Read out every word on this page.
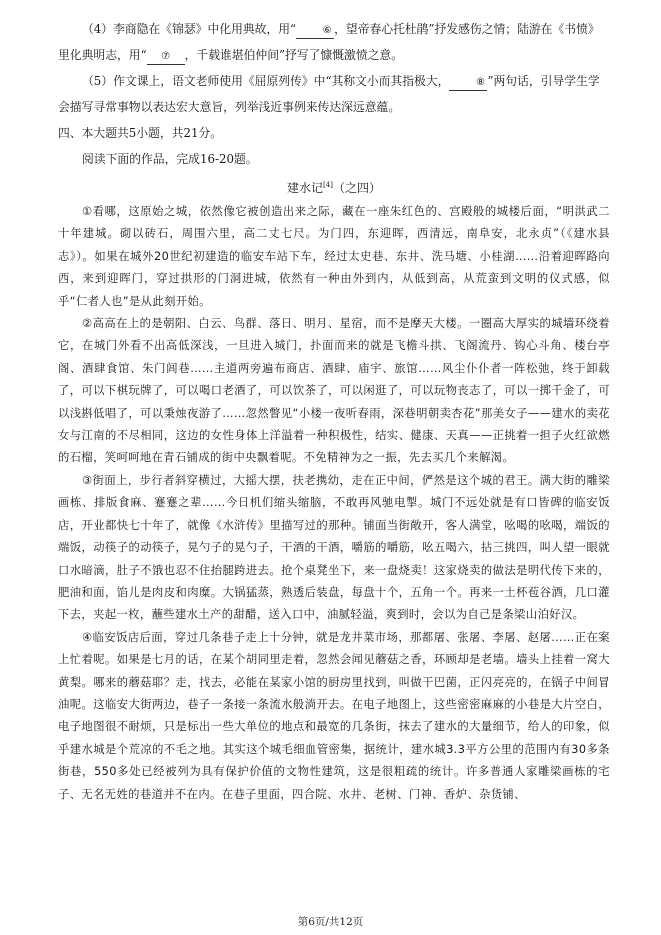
（4）李商隐在《锦瑟》中化用典故，用“	⑥ ，望帝春心托杜鹃”抒发感伤之情；陆游在《书愤》

里化典明志，用“ ⑦ ，千载谁堪伯仲间”抒写了慷慨激愤之意。

（5）作文课上，语文老师使用《屈原列传》中“其称文小而其指极大，	⑧ ”两句话，引导学生学

会描写寻常事物以表达宏大意旨，列举浅近事例来传达深远意蕴。

四、本大题共5小题，共21分。

阅读下面的作品，完成16-20题。

建水记[4]（之四）

①看哪，这原始之城，依然像它被创造出来之际，藏在一座朱红色的、宫殿般的城楼后面，“明洪武二十年建城。砌以砖石，周围六里，高二丈七尺。为门四，东迎晖，西清远，南阜安，北永贞”（《建水县志》）。如果在城外20世纪初建造的临安车站下车，经过太史巷、东井、洗马塘、小桂湖……沿着迎晖路向西，来到迎晖门，穿过拱形的门洞进城，依然有一种由外到内，从低到高，从荒蛮到文明的仪式感，似乎“仁者人也”是从此刻开始。

②高高在上的是朝阳、白云、鸟群、落日、明月、星宿，而不是摩天大楼。一圈高大厚实的城墙环绕着它，在城门外看不出高低深浅，一旦进入城门，扑面而来的就是飞檐斗拱、飞阁流丹、钩心斗角、楼台亭阁、酒肆食馆、朱门闾巷……主道两旁遍布商店、酒肆、庙宇、旅馆……风尘仆仆者一阵松弛，终于卸载了，可以下棋玩牌了，可以喝口老酒了，可以饮茶了，可以闲逛了，可以玩物丧志了，可以一掷千金了，可以浅斟低唱了，可以秉烛夜游了……忽然瞥见“小楼一夜听春雨，深巷明朝卖杏花”那美女子——建水的卖花女与江南的不尽相同，这边的女性身体上洋溢着一种积极性，结实、健康、天真——正挑着一担子火红欲燃的石榴，笑呵呵地在青石铺成的街中央飘着呢。不免精神为之一振，先去买几个来解渴。

③街面上，步行者斜穿横过，大摇大摆，扶老携幼，走在正中间，俨然是这个城的君王。满大街的雕梁画栋、排版食麻、蹇蹇之辈……今日机们缩头缩脑，不敢再风驰电掣。城门不远处就是有口皆碑的临安饭店，开业都快七十年了，就像《水浒传》里描写过的那种。铺面当街敞开，客人满堂，吆喝的吆喝，端饭的端饭，动筷子的动筷子，晃勺子的晃勺子，干酒的干酒，嚼筋的嚼筋，吆五喝六，拈三挑四，叫人望一眼就口水暗滴，肚子不饿也忍不住抬腿跨进去。抢个桌凳坐下，来一盘烧卖！这家烧卖的做法是明代传下来的，肥油和面，馅儿是肉皮和肉糜。大锅猛蒸，熟透后装盘，每盘十个，五角一个。再来一土杯苞谷酒，几口灌下去，夹起一枚，蘸些建水土产的甜醋，送入口中，油腻轻溢，爽到时，会以为自己是条梁山泊好汉。

④临安饭店后面，穿过几条巷子走上十分钟，就是龙井菜市场，那都屠、张屠、李屠、赵屠……正在案上忙着呢。如果是七月的话，在某个胡同里走着，忽然会闻见蘑菇之香，环顾却是老墙。墙头上挂着一窝大黄梨。哪来的蘑菇耶？走，找去，必能在某家小馆的厨房里找到，叫做干巴菌，正闪亮亮的，在锅子中间冒油呢。这临安大街两边，巷子一条接一条流水般淌开去。在电子地图上，这些密密麻麻的小巷是大片空白，电子地图很不耐烦，只是标出一些大单位的地点和最宽的几条街，抹去了建水的大量细节，给人的印象，似乎建水城是个荒凉的不毛之地。其实这个城毛细血管密集，据统计，建水城3.3平方公里的范围内有30多条街巷，550多处已经被列为具有保护价值的文物性建筑，这是很粗疏的统计。许多普通人家雕梁画栋的宅子、无名无姓的巷道并不在内。在巷子里面，四合院、水井、老树、门神、香炉、杂货铺、

第6页/共12页
